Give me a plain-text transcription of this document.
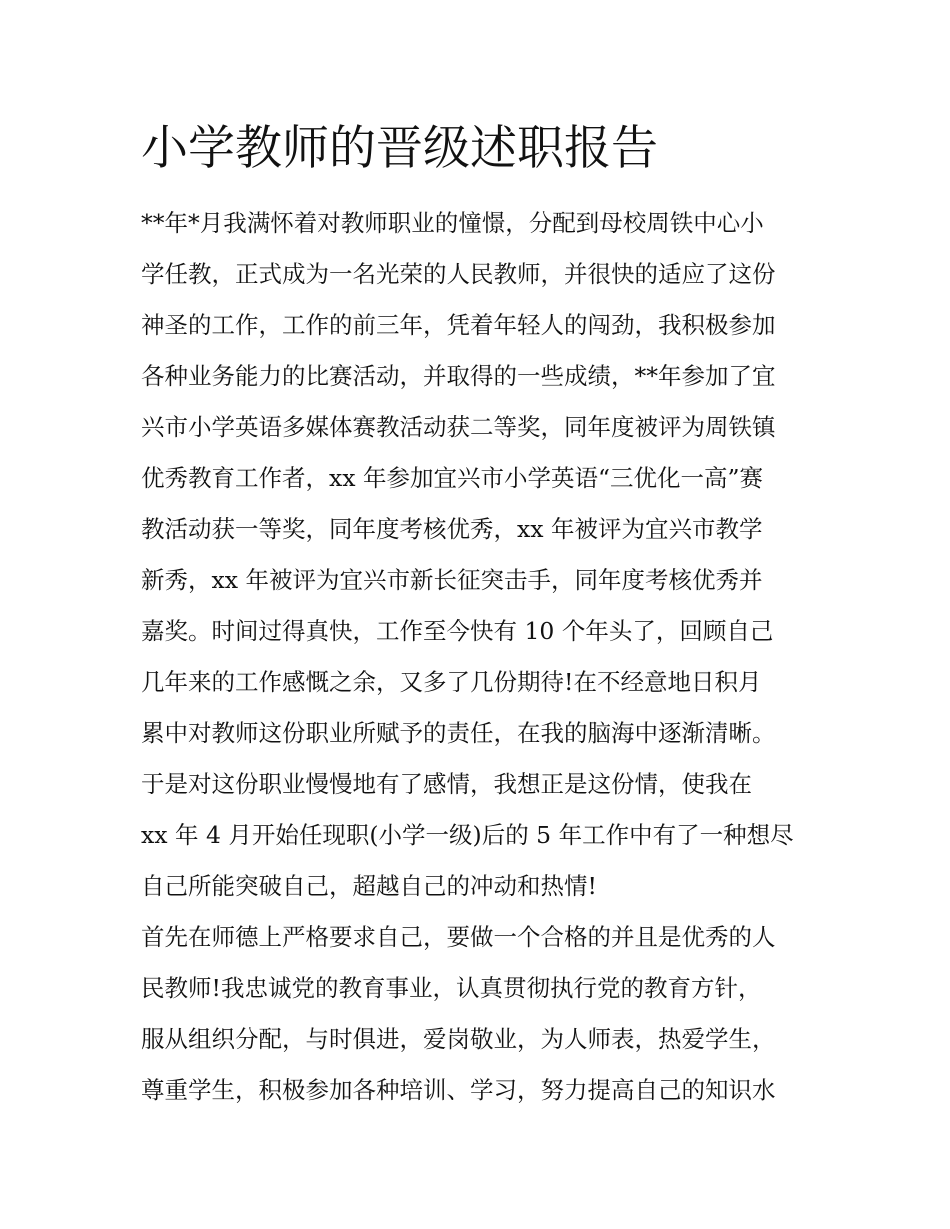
小学教师的晋级述职报告
**年*月我满怀着对教师职业的憧憬，分配到母校周铁中心小
学任教，正式成为一名光荣的人民教师，并很快的适应了这份
神圣的工作，工作的前三年，凭着年轻人的闯劲，我积极参加
各种业务能力的比赛活动，并取得的一些成绩，**年参加了宜
兴市小学英语多媒体赛教活动获二等奖，同年度被评为周铁镇
优秀教育工作者，xx 年参加宜兴市小学英语“三优化一高”赛
教活动获一等奖，同年度考核优秀，xx 年被评为宜兴市教学
新秀，xx 年被评为宜兴市新长征突击手，同年度考核优秀并
嘉奖。时间过得真快，工作至今快有 10 个年头了，回顾自己
几年来的工作感慨之余，又多了几份期待!在不经意地日积月
累中对教师这份职业所赋予的责任，在我的脑海中逐渐清晰。
于是对这份职业慢慢地有了感情，我想正是这份情，使我在
xx 年 4 月开始任现职(小学一级)后的 5 年工作中有了一种想尽
自己所能突破自己，超越自己的冲动和热情!
首先在师德上严格要求自己，要做一个合格的并且是优秀的人
民教师!我忠诚党的教育事业，认真贯彻执行党的教育方针，
服从组织分配，与时俱进，爱岗敬业，为人师表，热爱学生，
尊重学生，积极参加各种培训、学习，努力提高自己的知识水
